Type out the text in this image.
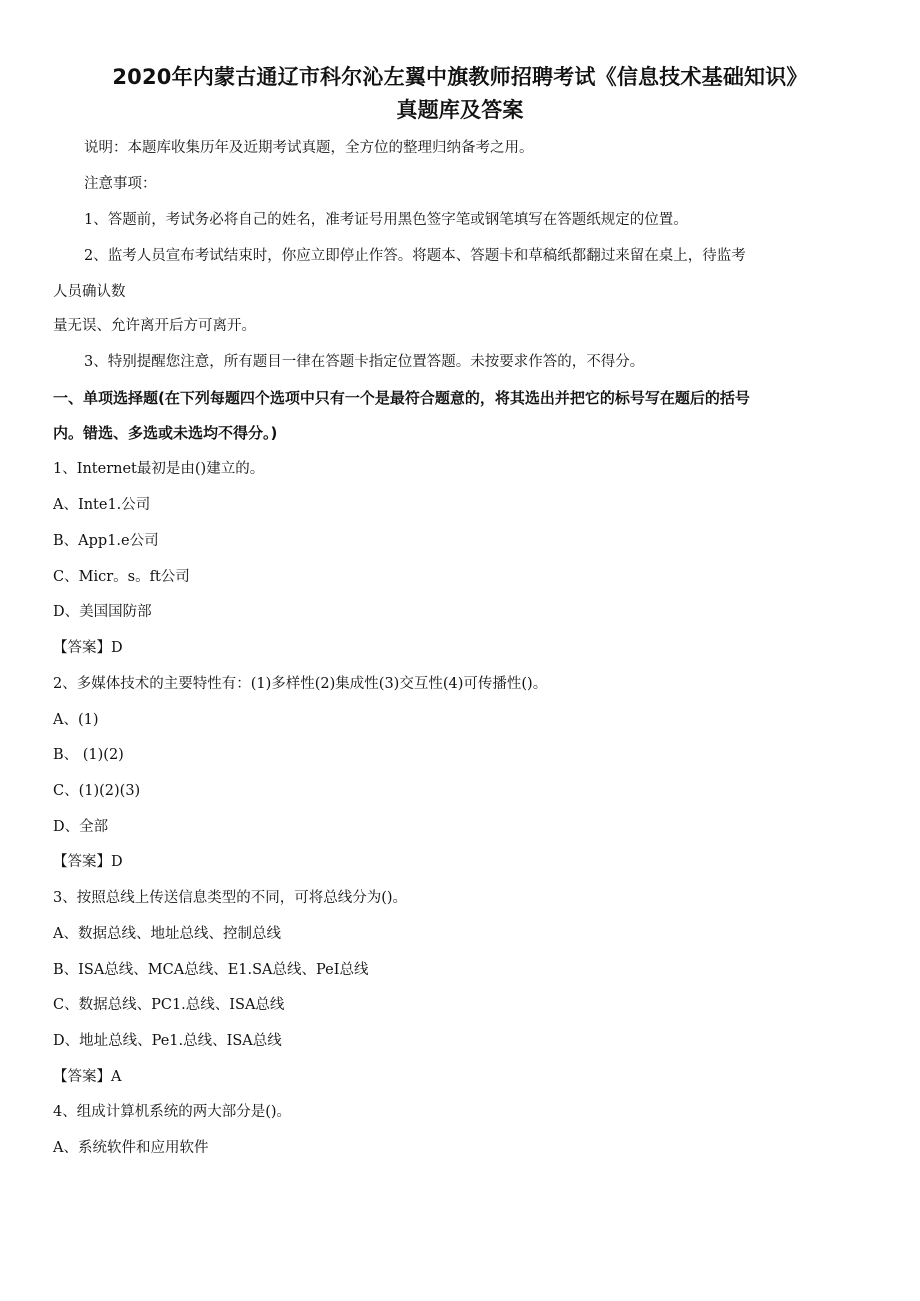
2020年内蒙古通辽市科尔沁左翼中旗教师招聘考试《信息技术基础知识》
真题库及答案
说明：本题库收集历年及近期考试真题，全方位的整理归纳备考之用。
注意事项：
1、答题前，考试务必将自己的姓名，准考证号用黑色签字笔或钢笔填写在答题纸规定的位置。
2、监考人员宣布考试结束时，你应立即停止作答。将题本、答题卡和草稿纸都翻过来留在桌上，待监考
人员确认数
量无误、允许离开后方可离开。
3、特别提醒您注意，所有题目一律在答题卡指定位置答题。未按要求作答的，不得分。
一、单项选择题(在下列每题四个选项中只有一个是最符合题意的，将其选出并把它的标号写在题后的括号
内。错选、多选或未选均不得分。)
1、Internet最初是由()建立的。
A、Inte1.公司
B、App1.e公司
C、Micr。s。ft公司
D、美国国防部
【答案】D
2、多媒体技术的主要特性有：(1)多样性(2)集成性(3)交互性(4)可传播性()。
A、(1)
B、 (1)(2)
C、(1)(2)(3)
D、全部
【答案】D
3、按照总线上传送信息类型的不同，可将总线分为()。
A、数据总线、地址总线、控制总线
B、ISA总线、MCA总线、E1.SA总线、PeI总线
C、数据总线、PC1.总线、ISA总线
D、地址总线、Pe1.总线、ISA总线
【答案】A
4、组成计算机系统的两大部分是()。
A、系统软件和应用软件
